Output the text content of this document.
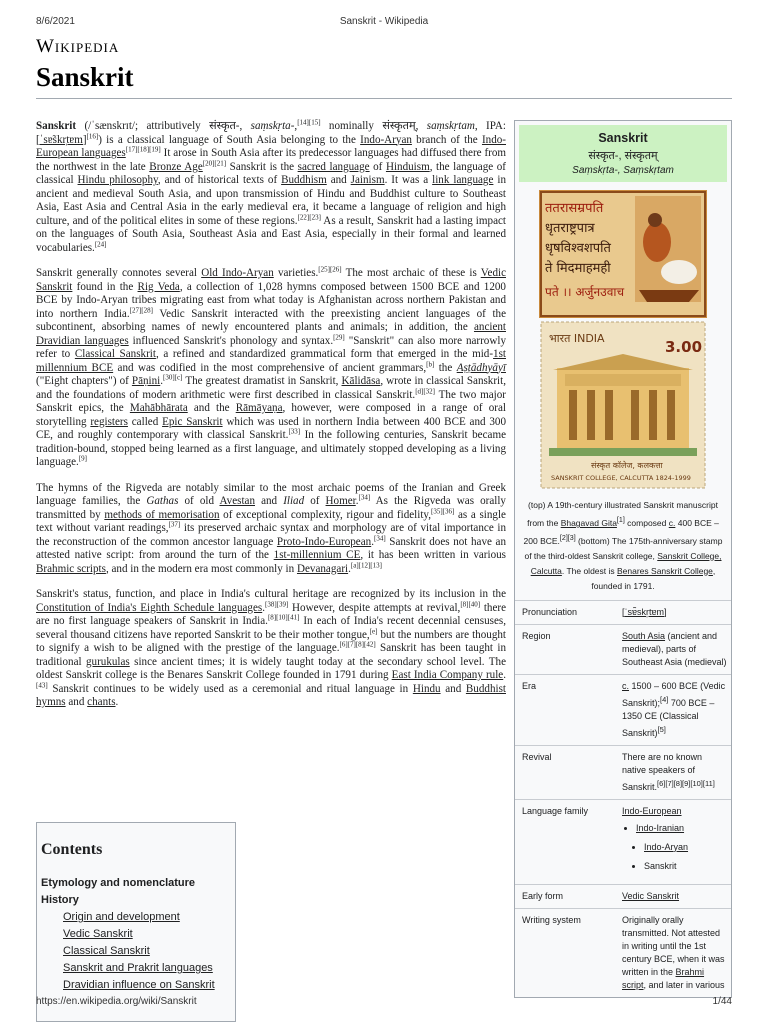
8/6/2021	Sanskrit - Wikipedia
Wikipedia
Sanskrit

Sanskrit (/ˈsænskrɪt/; attributively संस्कृत-, saṃskṛta-,[14][15] nominally संस्कृतम्, saṃskṛtam, IPA: [ˈsɐ̃skr̩tɐm][16]) is a classical language of South Asia belonging to the Indo-Aryan branch of the Indo-European languages[17][18][19] It arose in South Asia after its predecessor languages had diffused there from the northwest in the late Bronze Age[20][21] Sanskrit is the sacred language of Hinduism, the language of classical Hindu philosophy, and of historical texts of Buddhism and Jainism. It was a link language in ancient and medieval South Asia, and upon transmission of Hindu and Buddhist culture to Southeast Asia, East Asia and Central Asia in the early medieval era, it became a language of religion and high culture, and of the political elites in some of these regions.[22][23] As a result, Sanskrit had a lasting impact on the languages of South Asia, Southeast Asia and East Asia, especially in their formal and learned vocabularies.[24]

Sanskrit generally connotes several Old Indo-Aryan varieties.[25][26] The most archaic of these is Vedic Sanskrit found in the Rig Veda, a collection of 1,028 hymns composed between 1500 BCE and 1200 BCE by Indo-Aryan tribes migrating east from what today is Afghanistan across northern Pakistan and into northern India.[27][28] Vedic Sanskrit interacted with the preexisting ancient languages of the subcontinent, absorbing names of newly encountered plants and animals; in addition, the ancient Dravidian languages influenced Sanskrit's phonology and syntax.[29] "Sanskrit" can also more narrowly refer to Classical Sanskrit, a refined and standardized grammatical form that emerged in the mid-1st millennium BCE and was codified in the most comprehensive of ancient grammars,[b] the Aṣṭādhyāyī ("Eight chapters") of Pāṇini.[30][c] The greatest dramatist in Sanskrit, Kālidāsa, wrote in classical Sanskrit, and the foundations of modern arithmetic were first described in classical Sanskrit.[d][32] The two major Sanskrit epics, the Mahābhārata and the Rāmāyaṇa, however, were composed in a range of oral storytelling registers called Epic Sanskrit which was used in northern India between 400 BCE and 300 CE, and roughly contemporary with classical Sanskrit.[33] In the following centuries, Sanskrit became tradition-bound, stopped being learned as a first language, and ultimately stopped developing as a living language.[9]

The hymns of the Rigveda are notably similar to the most archaic poems of the Iranian and Greek language families, the Gathas of old Avestan and Iliad of Homer.[34] As the Rigveda was orally transmitted by methods of memorisation of exceptional complexity, rigour and fidelity,[35][36] as a single text without variant readings,[37] its preserved archaic syntax and morphology are of vital importance in the reconstruction of the common ancestor language Proto-Indo-European.[34] Sanskrit does not have an attested native script: from around the turn of the 1st-millennium CE, it has been written in various Brahmic scripts, and in the modern era most commonly in Devanagari.[a][12][13]

Sanskrit's status, function, and place in India's cultural heritage are recognized by its inclusion in the Constitution of India's Eighth Schedule languages.[38][39] However, despite attempts at revival,[8][40] there are no first language speakers of Sanskrit in India.[8][10][41] In each of India's recent decennial censuses, several thousand citizens have reported Sanskrit to be their mother tongue,[e] but the numbers are thought to signify a wish to be aligned with the prestige of the language.[6][7][8][42] Sanskrit has been taught in traditional gurukulas since ancient times; it is widely taught today at the secondary school level. The oldest Sanskrit college is the Benares Sanskrit College founded in 1791 during East India Company rule.[43] Sanskrit continues to be widely used as a ceremonial and ritual language in Hindu and Buddhist hymns and chants.

Contents
Etymology and nomenclature
History
Origin and development
Vedic Sanskrit
Classical Sanskrit
Sanskrit and Prakrit languages
Dravidian influence on Sanskrit
Sanskrit
संस्कृत-, संस्कृतम्
Saṃskṛta-, Saṃskṛtam
ततरासम्रपति
धृतराष्ट्रपात्र
धृषविश्वशपति
ते मिदमाहमही
पते ।। अर्जुनउवाच
भारत INDIA	3.00
संस्कृत कॉलेज, कलकत्ता
SANSKRIT COLLEGE, CALCUTTA 1824-1999
(top) A 19th-century illustrated Sanskrit manuscript from the Bhagavad Gita[1] composed c. 400 BCE – 200 BCE.[2][3] (bottom) The 175th-anniversary stamp of the third-oldest Sanskrit college, Sanskrit College, Calcutta. The oldest is Benares Sanskrit College, founded in 1791.
Pronunciation	[ˈsɐ̃skr̩tɐm]
Region	South Asia (ancient and medieval), parts of Southeast Asia (medieval)
Era	c. 1500 – 600 BCE (Vedic Sanskrit);[4] 700 BCE – 1350 CE (Classical Sanskrit)[5]
Revival	There are no known native speakers of Sanskrit.[6][7][8][9][10][11]
Language family	Indo-European
• Indo-Iranian
• Indo-Aryan
• Sanskrit
Early form	Vedic Sanskrit
Writing system	Originally orally transmitted. Not attested in writing until the 1st century BCE, when it was written in the Brahmi script, and later in various
https://en.wikipedia.org/wiki/Sanskrit	1/44
